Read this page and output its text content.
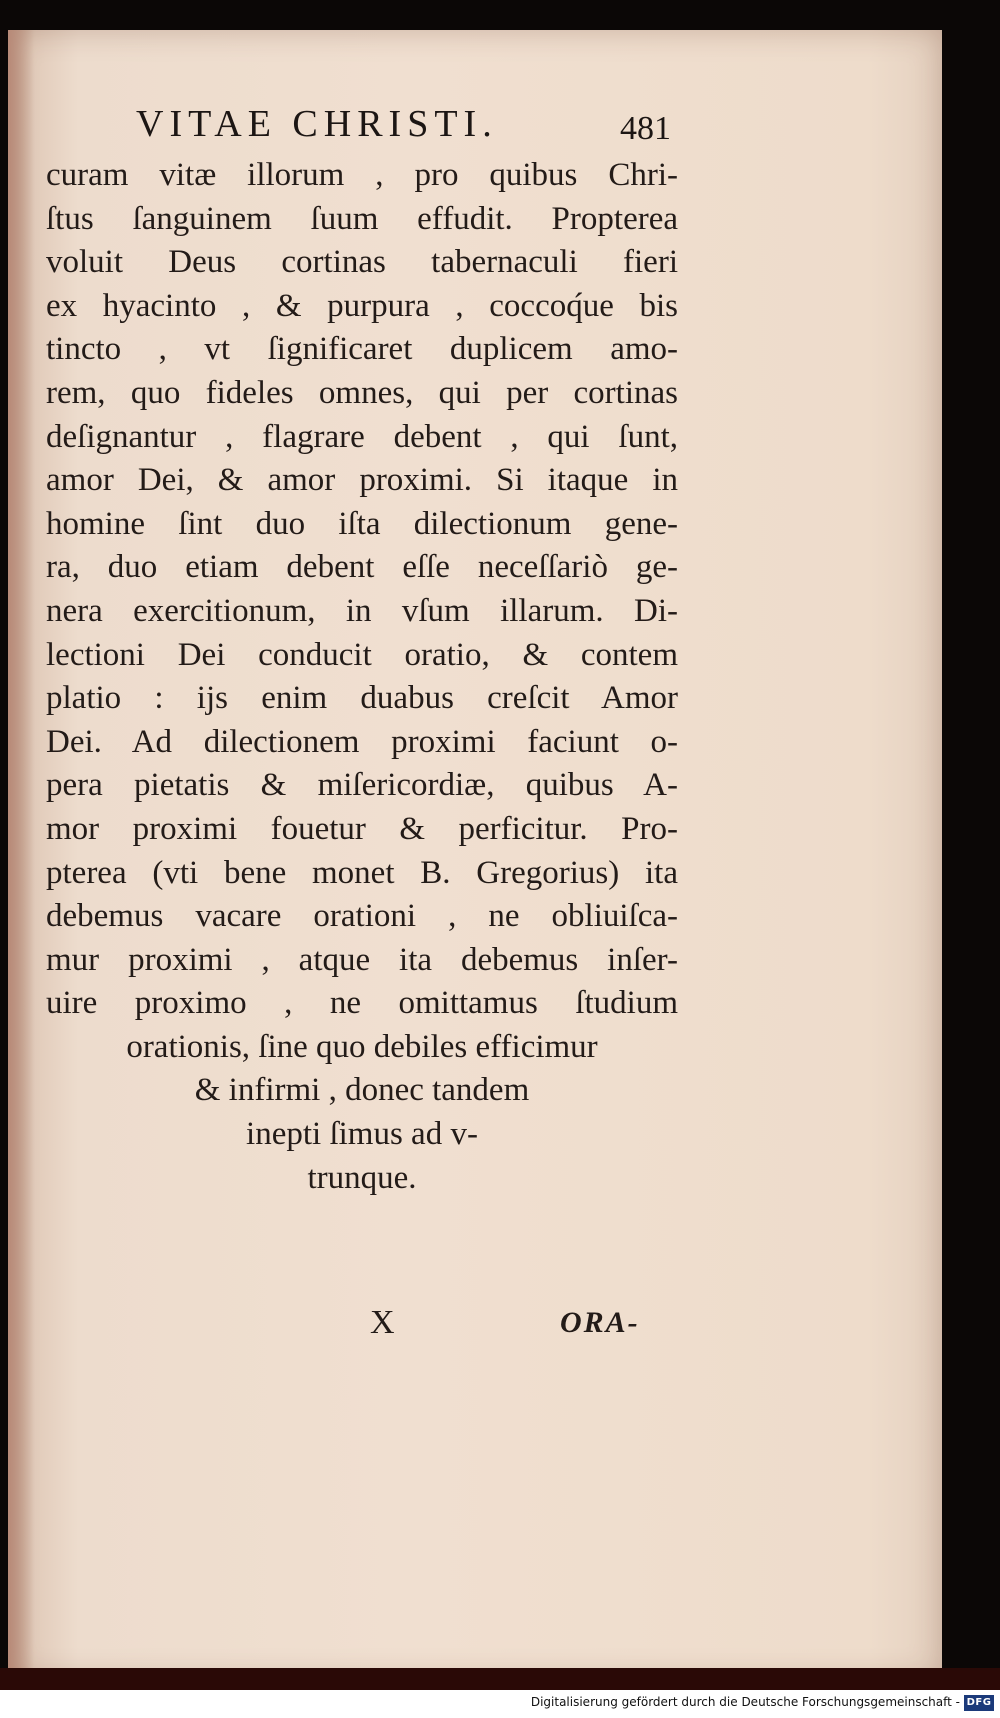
VITAE CHRISTI.	481
curam vitæ illorum , pro quibus Chri-
ſtus ſanguinem ſuum effudit. Propterea
voluit Deus cortinas tabernaculi fieri
ex hyacinto , & purpura , coccoq́ue bis
tincto , vt ſignificaret duplicem amo-
rem, quo fideles omnes, qui per cortinas
deſignantur , flagrare debent , qui ſunt,
amor Dei, & amor proximi. Si itaque in
homine ſint duo iſta dilectionum gene-
ra, duo etiam debent eſſe neceſſariò ge-
nera exercitionum, in vſum illarum. Di-
lectioni Dei conducit oratio, & contem
platio : ijs enim duabus creſcit Amor
Dei. Ad dilectionem proximi faciunt o-
pera pietatis & miſericordiæ, quibus A-
mor proximi fouetur & perficitur. Pro-
pterea (vti bene monet B. Gregorius) ita
debemus vacare orationi , ne obliuiſca-
mur proximi , atque ita debemus inſer-
uire proximo , ne omittamus ſtudium
orationis, ſine quo debiles efficimur
& infirmi , donec tandem
inepti ſimus ad v-
trunque.
X	ORA-
Digitalisierung gefördert durch die Deutsche Forschungsgemeinschaft - DFG
